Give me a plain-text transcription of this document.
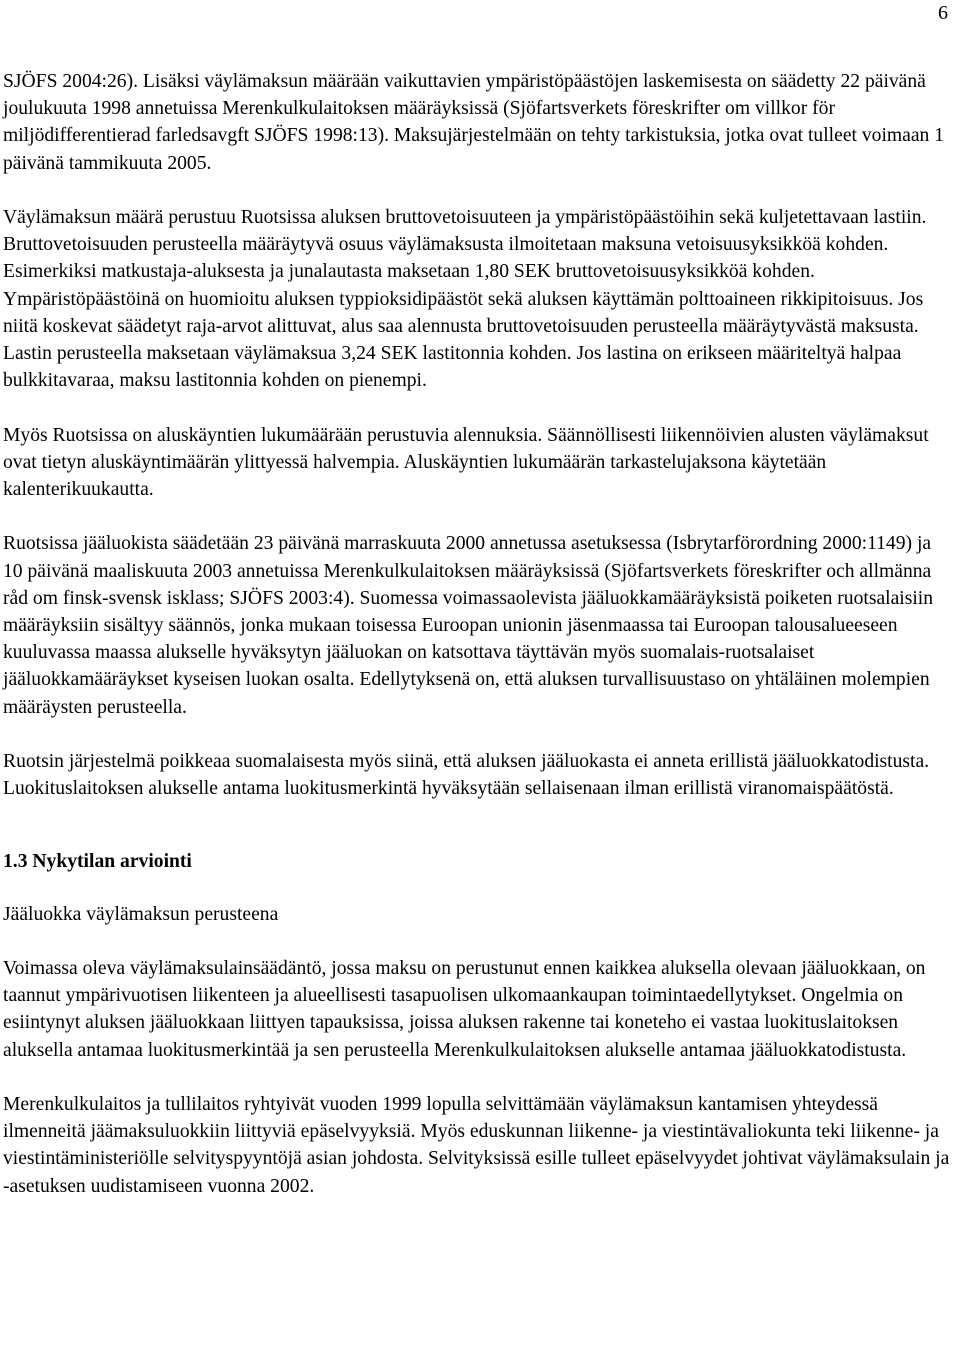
6

SJÖFS 2004:26). Lisäksi väylämaksun määrään vaikuttavien ympäristöpäästöjen laskemisesta on säädetty 22 päivänä joulukuuta 1998 annetuissa Merenkulkulaitoksen määräyksissä (Sjöfartsverkets föreskrifter om villkor för miljödifferentierad farledsavgft SJÖFS 1998:13). Maksujärjestelmään on tehty tarkistuksia, jotka ovat tulleet voimaan 1 päivänä tammikuuta 2005.

Väylämaksun määrä perustuu Ruotsissa aluksen bruttovetoisuuteen ja ympäristöpäästöihin sekä kuljetettavaan lastiin. Bruttovetoisuuden perusteella määräytyvä osuus väylämaksusta ilmoitetaan maksuna vetoisuusyksikköä kohden. Esimerkiksi matkustaja-aluksesta ja junalautasta maksetaan 1,80 SEK bruttovetoisuusyksikköä kohden. Ympäristöpäästöinä on huomioitu aluksen typpioksidipäästöt sekä aluksen käyttämän polttoaineen rikkipitoisuus. Jos niitä koskevat säädetyt raja-arvot alittuvat, alus saa alennusta bruttovetoisuuden perusteella määräytyvästä maksusta. Lastin perusteella maksetaan väylämaksua 3,24 SEK lastitonnia kohden. Jos lastina on erikseen määriteltyä halpaa bulkkitavaraa, maksu lastitonnia kohden on pienempi.

Myös Ruotsissa on aluskäyntien lukumäärään perustuvia alennuksia. Säännöllisesti liikennöivien alusten väylämaksut ovat tietyn aluskäyntimäärän ylittyessä halvempia. Aluskäyntien lukumäärän tarkastelujaksona käytetään kalenterikuukautta.

Ruotsissa jääluokista säädetään 23 päivänä marraskuuta 2000 annetussa asetuksessa (Isbrytarförordning 2000:1149) ja 10 päivänä maaliskuuta 2003 annetuissa Merenkulkulaitoksen määräyksissä (Sjöfartsverkets föreskrifter och allmänna råd om finsk-svensk isklass; SJÖFS 2003:4). Suomessa voimassaolevista jääluokkamääräyksistä poiketen ruotsalaisiin määräyksiin sisältyy säännös, jonka mukaan toisessa Euroopan unionin jäsenmaassa tai Euroopan talousalueeseen kuuluvassa maassa alukselle hyväksytyn jääluokan on katsottava täyttävän myös suomalais-ruotsalaiset jääluokkamääräykset kyseisen luokan osalta. Edellytyksenä on, että aluksen turvallisuustaso on yhtäläinen molempien määräysten perusteella.

Ruotsin järjestelmä poikkeaa suomalaisesta myös siinä, että aluksen jääluokasta ei anneta erillistä jääluokkatodistusta. Luokituslaitoksen alukselle antama luokitusmerkintä hyväksytään sellaisenaan ilman erillistä viranomaispäätöstä.

1.3 Nykytilan arviointi

Jääluokka väylämaksun perusteena

Voimassa oleva väylämaksulainsäädäntö, jossa maksu on perustunut ennen kaikkea aluksella olevaan jääluokkaan, on taannut ympärivuotisen liikenteen ja alueellisesti tasapuolisen ulkomaankaupan toimintaedellytykset. Ongelmia on esiintynyt aluksen jääluokkaan liittyen tapauksissa, joissa aluksen rakenne tai koneteho ei vastaa luokituslaitoksen aluksella antamaa luokitusmerkintää ja sen perusteella Merenkulkulaitoksen alukselle antamaa jääluokkatodistusta.

Merenkulkulaitos ja tullilaitos ryhtyivät vuoden 1999 lopulla selvittämään väylämaksun kantamisen yhteydessä ilmenneitä jäämaksuluokkiin liittyviä epäselvyyksiä. Myös eduskunnan liikenne- ja viestintävaliokunta teki liikenne- ja viestintäministeriölle selvityspyyntöjä asian johdosta. Selvityksissä esille tulleet epäselvyydet johtivat väylämaksulain ja -asetuksen uudistamiseen vuonna 2002.
